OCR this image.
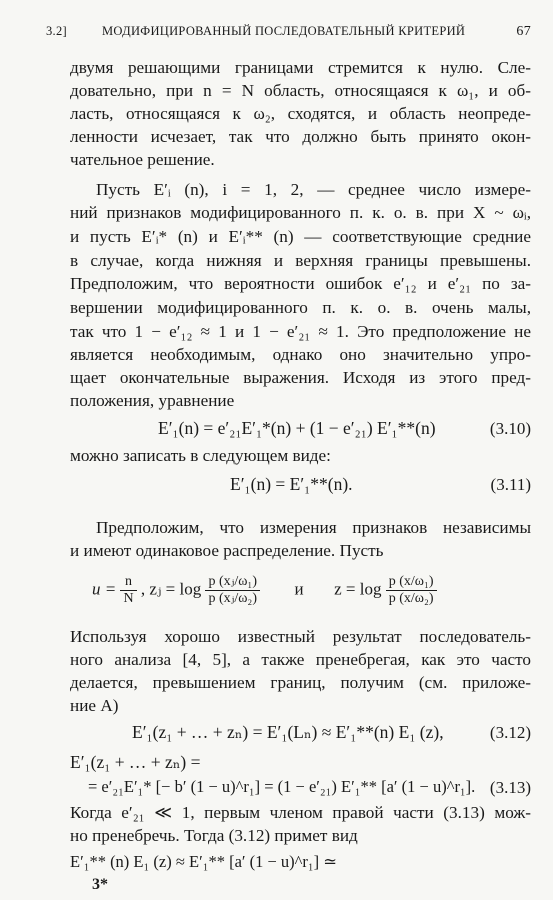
3.2]	МОДИФИЦИРОВАННЫЙ ПОСЛЕДОВАТЕЛЬНЫЙ КРИТЕРИЙ	67
двумя решающими границами стремится к нулю. Сле-
довательно, при n = N область, относящаяся к ω₁, и об-
ласть, относящаяся к ω₂, сходятся, и область неопреде-
ленности исчезает, так что должно быть принято окон-
чательное решение.
Пусть E′ᵢ (n), i = 1, 2, — среднее число измере-
ний признаков модифицированного п. к. о. в. при X ~ ωᵢ,
и пусть E′ᵢ* (n) и E′ᵢ** (n) — соответствующие средние
в случае, когда нижняя и верхняя границы превышены.
Предположим, что вероятности ошибок e′₁₂ и e′₂₁ по за-
вершении модифицированного п. к. о. в. очень малы,
так что 1 − e′₁₂ ≈ 1 и 1 − e′₂₁ ≈ 1. Это предположение не
является необходимым, однако оно значительно упро-
щает окончательные выражения. Исходя из этого пред-
положения, уравнение
E′₁(n) = e′₂₁E′₁*(n) + (1 − e′₂₁) E′₁**(n)	(3.10)
можно записать в следующем виде:
E′₁(n) = E′₁**(n).	(3.11)
Предположим, что измерения признаков независимы
и имеют одинаковое распределение. Пусть
$u = \frac{n}{N}$ , zⱼ = $\log \frac{\text{p (xⱼ/ω₁)}}{\text{p (xⱼ/ω₂)}}$ и $z = \log \frac{\text{p (x/ω₁)}}{\text{p (x/ω₂)}}$
Используя хорошо известный результат последователь-
ного анализа [4, 5], а также пренебрегая, как это часто
делается, превышением границ, получим (см. приложе-
ние А)
E′₁(z₁ + … + zₙ) = E′₁(Lₙ) ≈ E′₁**(n) E₁ (z),	(3.12)
E′₁(z₁ + … + zₙ) =
= e′₂₁E′₁* [− b′ (1 − u)^r₁] = (1 − e′₂₁) E′₁** [a′ (1 − u)^r₁]. (3.13)
Когда e′₂₁ ≪ 1, первым членом правой части (3.13) мож-
но пренебречь. Тогда (3.12) примет вид
E′₁** (n) E₁ (z) ≈ E′₁** [a′ (1 − u)^r₁] ≃
3*
